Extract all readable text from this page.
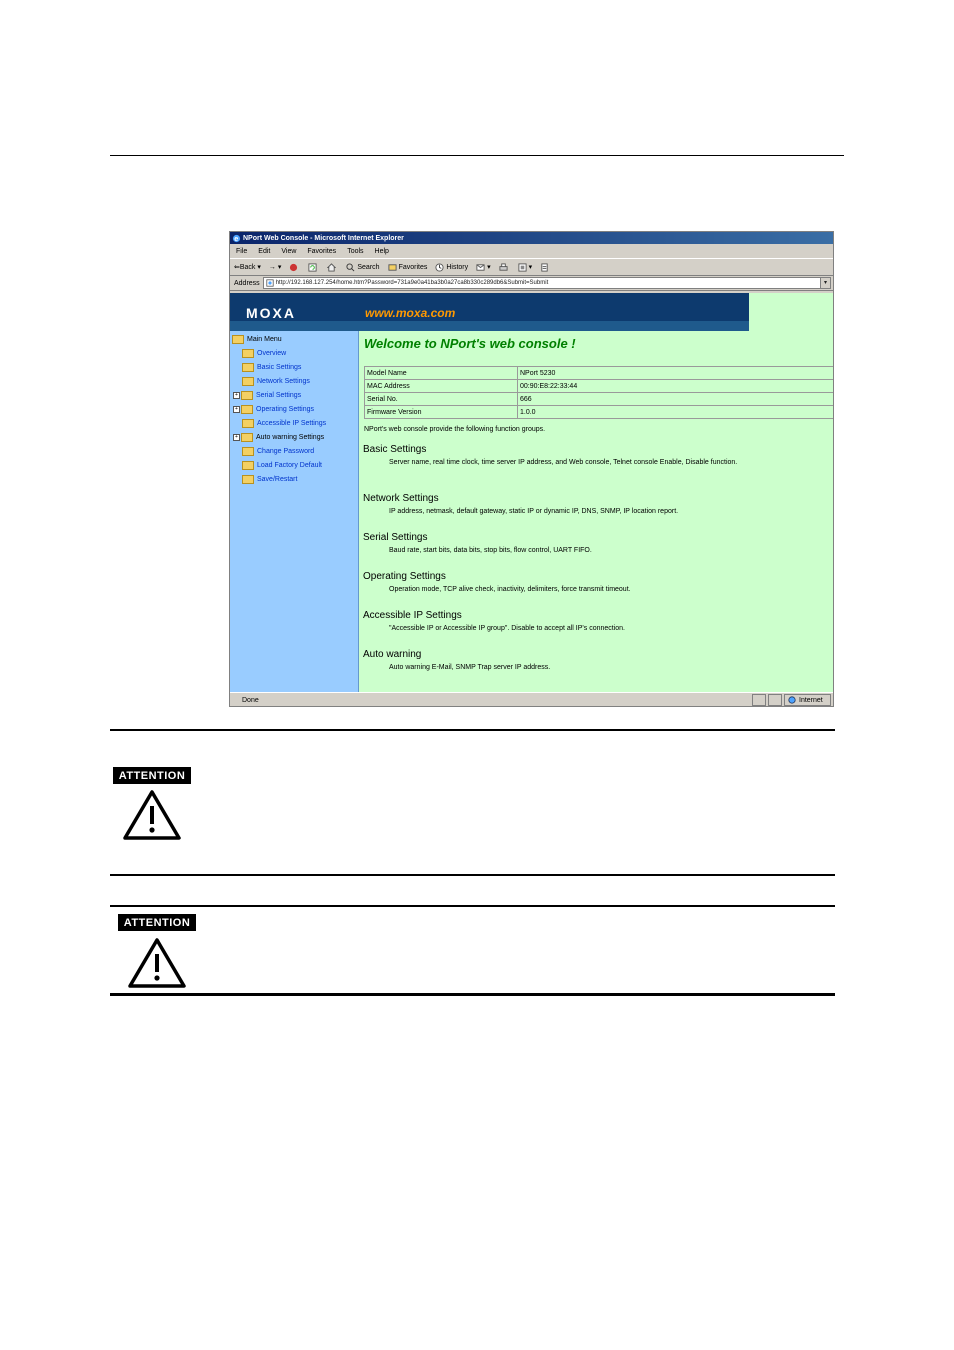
e NPort Web Console - Microsoft Internet Explorer
File Edit View Favorites Tools Help
⇐ Back ▾ → ▾	Search	Favorites	History	▾	▾
Address	http://192.168.127.254/home.htm?Password=731a9e0a41ba3b0a27ca8b330c289db6&Submit=Submit	▾
MOXA	www.moxa.com
Main Menu
Overview
Basic Settings
Network Settings
+	Serial Settings
+	Operating Settings
Accessible IP Settings
+	Auto warning Settings
Change Password
Load Factory Default
Save/Restart
Welcome to NPort's web console !
Model Name	NPort 5230
MAC Address	00:90:E8:22:33:44
Serial No.	666
Firmware Version	1.0.0
NPort's web console provide the following function groups.
Basic Settings
Server name, real time clock, time server IP address, and Web console, Telnet console Enable, Disable function.
Network Settings
IP address, netmask, default gateway, static IP or dynamic IP, DNS, SNMP, IP location report.
Serial Settings
Baud rate, start bits, data bits, stop bits, flow control, UART FIFO.
Operating Settings
Operation mode, TCP alive check, inactivity, delimiters, force transmit timeout.
Accessible IP Settings
"Accessible IP or Accessible IP group". Disable to accept all IP's connection.
Auto warning
Auto warning E-Mail, SNMP Trap server IP address.
Done	Internet
ATTENTION
ATTENTION
